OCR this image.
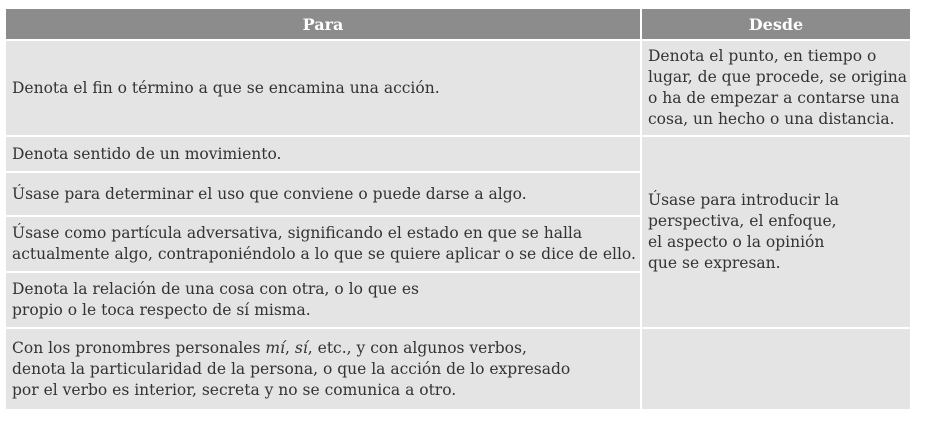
Para	Desde

Denota el fin o término a que se encamina una acción.	Denota el punto, en tiempo o
lugar, de que procede, se origina
o ha de empezar a contarse una
cosa, un hecho o una distancia.

Denota sentido de un movimiento.	Úsase para introducir la
perspectiva, el enfoque,
el aspecto o la opinión
que se expresan.

Úsase para determinar el uso que conviene o puede darse a algo.	

Úsase como partícula adversativa, significando el estado en que se halla
actualmente algo, contraponiéndolo a lo que se quiere aplicar o se dice de ello.	

Denota la relación de una cosa con otra, o lo que es
propio o le toca respecto de sí misma.	

Con los pronombres personales mí, sí, etc., y con algunos verbos,
denota la particularidad de la persona, o que la acción de lo expresado
por el verbo es interior, secreta y no se comunica a otro.	
